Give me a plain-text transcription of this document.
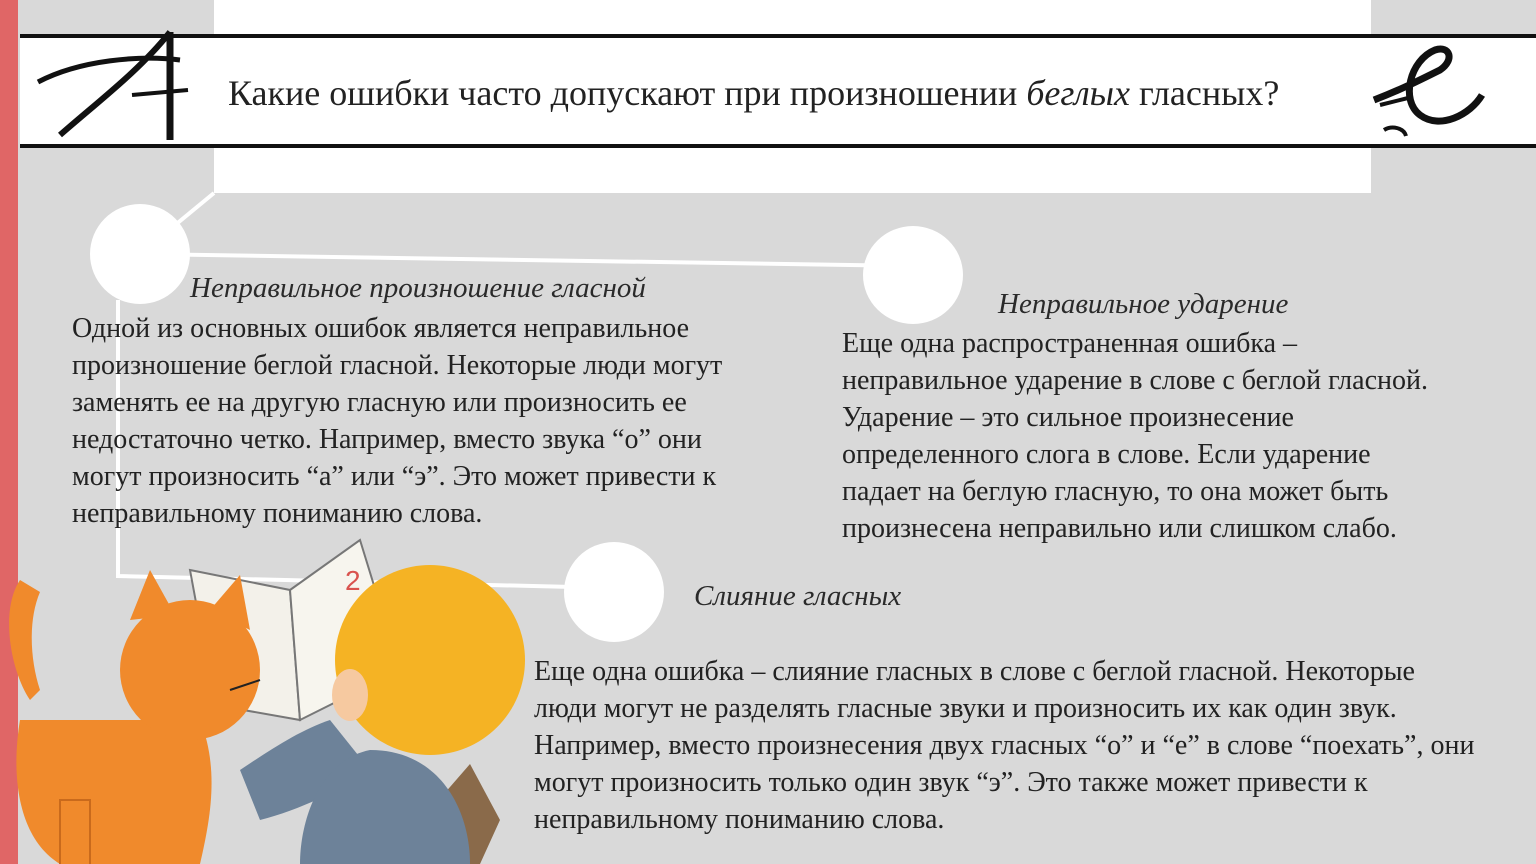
Какие ошибки часто допускают при произношении беглых гласных?
Неправильное произношение гласной
Одной из основных ошибок является неправильное
произношение беглой гласной. Некоторые люди могут
заменять ее на другую гласную или произносить ее
недостаточно четко. Например, вместо звука “о” они
могут произносить “а” или “э”. Это может привести к
неправильному пониманию слова.
Неправильное ударение
Еще одна распространенная ошибка –
неправильное ударение в слове с беглой гласной.
Ударение – это сильное произнесение
определенного слога в слове. Если ударение
падает на беглую гласную, то она может быть
произнесена неправильно или слишком слабо.
2	Слияние гласных
Еще одна ошибка – слияние гласных в слове с беглой гласной. Некоторые
люди могут не разделять гласные звуки и произносить их как один звук.
Например, вместо произнесения двух гласных “о” и “е” в слове “поехать”, они
могут произносить только один звук “э”. Это также может привести к
неправильному пониманию слова.
